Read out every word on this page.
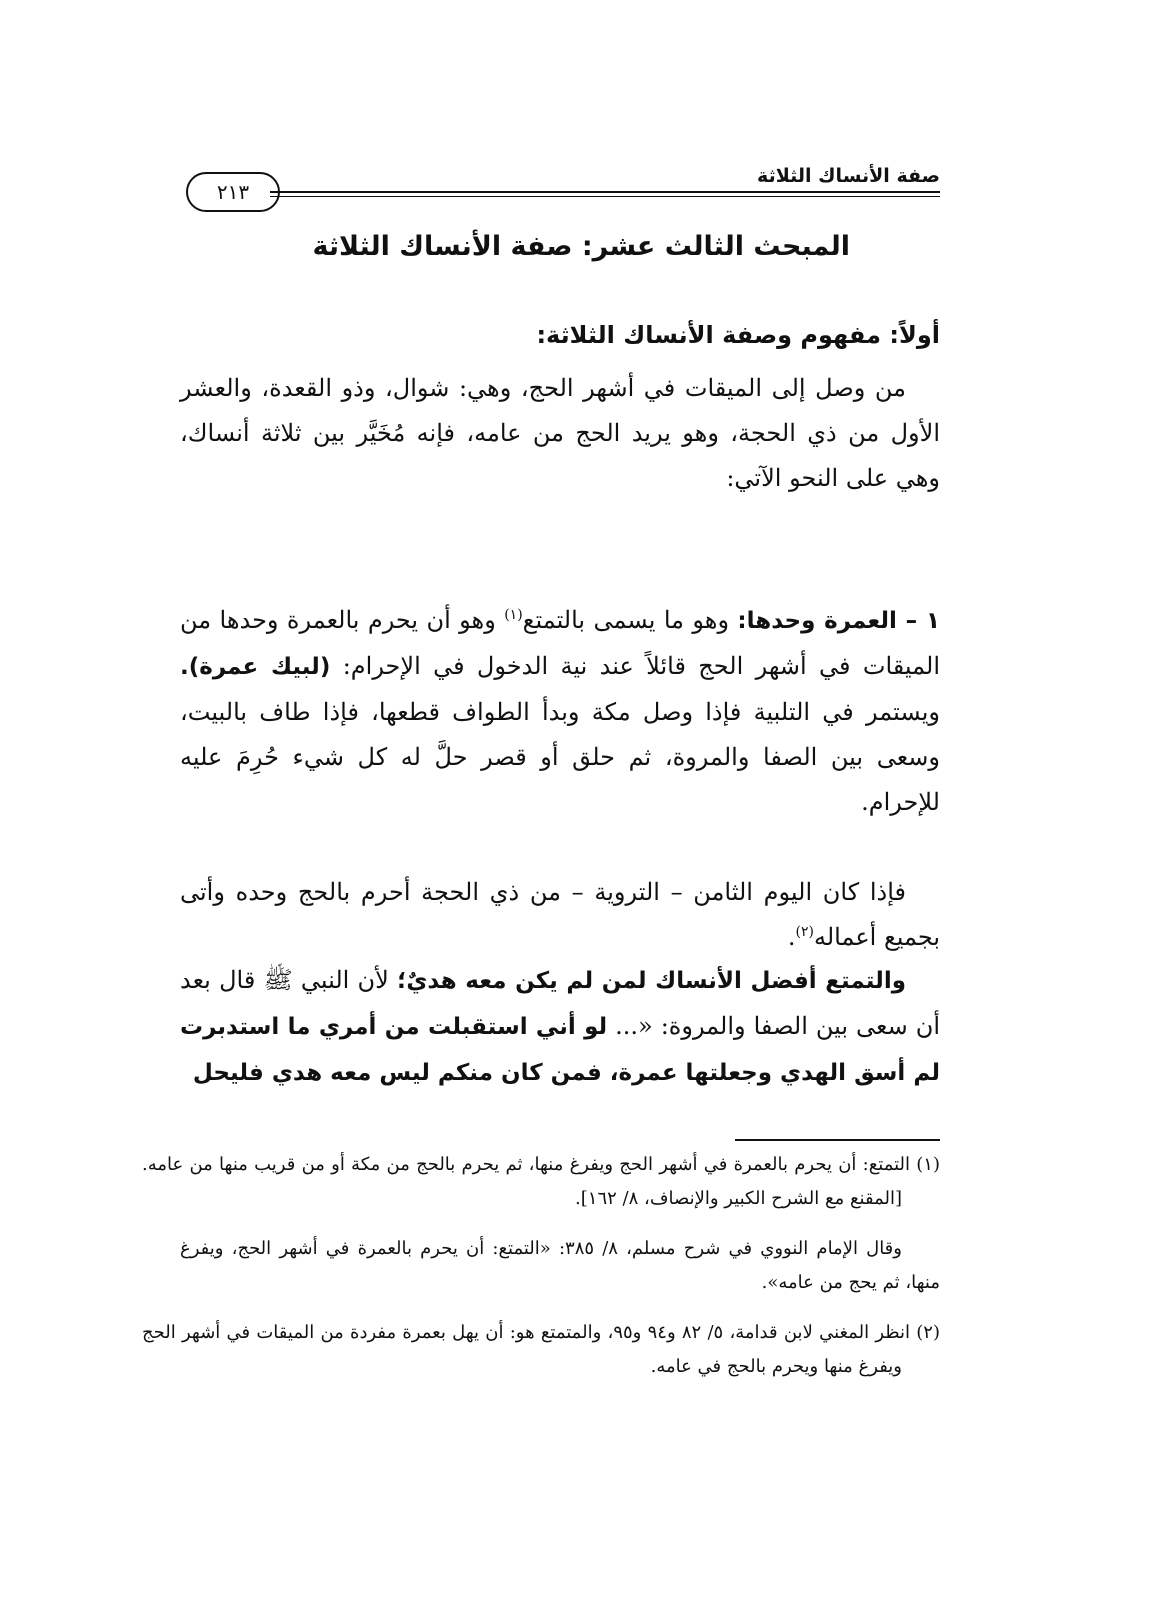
صفة الأنساك الثلاثة
٢١٣
المبحث الثالث عشر: صفة الأنساك الثلاثة
أولاً: مفهوم وصفة الأنساك الثلاثة:
من وصل إلى الميقات في أشهر الحج، وهي: شوال، وذو القعدة، والعشر الأول من ذي الحجة، وهو يريد الحج من عامه، فإنه مُخَيَّر بين ثلاثة أنساك، وهي على النحو الآتي:
١ – العمرة وحدها: وهو ما يسمى بالتمتع$^{(١)}$ وهو أن يحرم بالعمرة وحدها من الميقات في أشهر الحج قائلاً عند نية الدخول في الإحرام: (لبيك عمرة). ويستمر في التلبية فإذا وصل مكة وبدأ الطواف قطعها، فإذا طاف بالبيت، وسعى بين الصفا والمروة، ثم حلق أو قصر حلَّ له كل شيء حُرِمَ عليه للإحرام.
فإذا كان اليوم الثامن – التروية – من ذي الحجة أحرم بالحج وحده وأتى بجميع أعماله$^{(٢)}$.
والتمتع أفضل الأنساك لمن لم يكن معه هديٌ؛ لأن النبي ﷺ قال بعد أن سعى بين الصفا والمروة: «... لو أني استقبلت من أمري ما استدبرت لم أسق الهدي وجعلتها عمرة، فمن كان منكم ليس معه هدي فليحل
(١) التمتع: أن يحرم بالعمرة في أشهر الحج ويفرغ منها، ثم يحرم بالحج من مكة أو من قريب منها من عامه. [المقنع مع الشرح الكبير والإنصاف، ٨/ ١٦٢].
وقال الإمام النووي في شرح مسلم، ٨/ ٣٨٥: «التمتع: أن يحرم بالعمرة في أشهر الحج، ويفرغ منها، ثم يحج من عامه».
(٢) انظر المغني لابن قدامة، ٥/ ٨٢ و٩٤ و٩٥، والمتمتع هو: أن يهل بعمرة مفردة من الميقات في أشهر الحج ويفرغ منها ويحرم بالحج في عامه.
